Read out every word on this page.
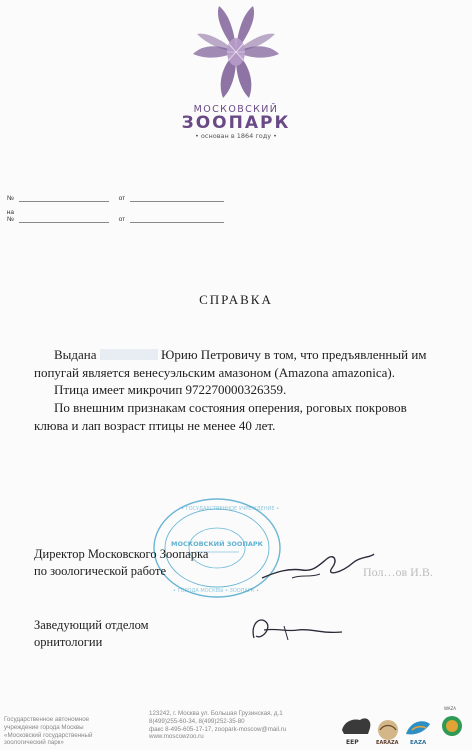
МОСКОВСКИЙ
ЗООПАРК
• основан в 1864 году •
№	от
на №	от
СПРАВКА
Выдана	Юрию Петровичу в том, что предъявленный им попугай является венесуэльским амазоном (Amazona amazonica).
Птица имеет микрочип 972270000326359.
По внешним признакам состояния оперения, роговых покровов клюва и лап возраст птицы не менее 40 лет.
• ГОСУДАРСТВЕННОЕ УЧРЕЖДЕНИЕ •
• ГОРОДА МОСКВЫ • ЗООПАРК •
МОСКОВСКИЙ ЗООПАРК
Директор Московского Зоопарка
по зоологической работе	Пол…ов И.В.
Заведующий отделом
орнитологии
Государственное автономное
учреждение города Москвы
«Московский государственный
зоологический парк»
123242, г. Москва ул. Большая Грузинская, д.1
8(499)255-60-34, 8(499)252-35-80
факс 8-495-605-17-17, zoopark-moscow@mail.ru
www.moscowzoo.ru
EEP	EARAZA EAZA
WAZA
